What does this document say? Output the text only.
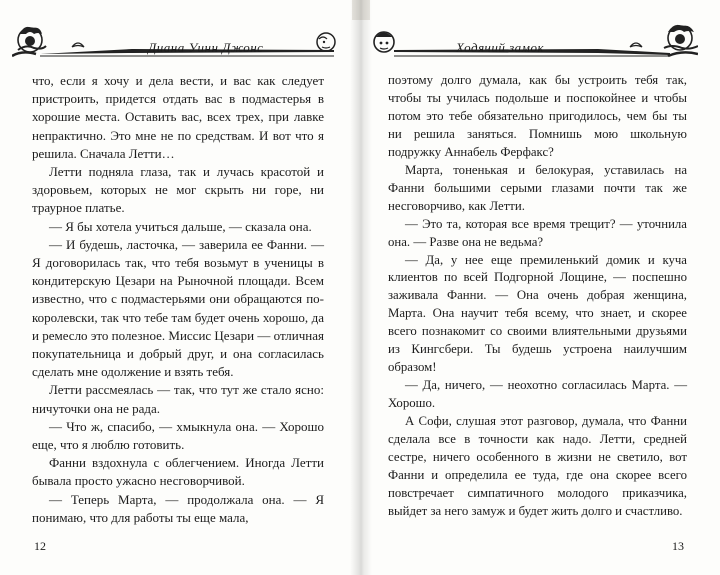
Диана Уинн Джонс

что, если я хочу и дела вести, и вас как следует пристроить, придется отдать вас в подмастерья в хорошие места. Оставить вас, всех трех, при лавке непрактично. Это мне не по средствам. И вот что я решила. Сначала Летти…

Летти подняла глаза, так и лучась красотой и здоровьем, которых не мог скрыть ни горе, ни траурное платье.

— Я бы хотела учиться дальше, — сказала она.

— И будешь, ласточка, — заверила ее Фанни. — Я договорилась так, что тебя возьмут в ученицы в кондитерскую Цезари на Рыночной площади. Всем известно, что с подмастерьями они обращаются по-королевски, так что тебе там будет очень хорошо, да и ремесло это полезное. Миссис Цезари — отличная покупательница и добрый друг, и она согласилась сделать мне одолжение и взять тебя.

Летти рассмеялась — так, что тут же стало ясно: ничуточки она не рада.

— Что ж, спасибо, — хмыкнула она. — Хорошо еще, что я люблю готовить.

Фанни вздохнула с облегчением. Иногда Летти бывала просто ужасно несговорчивой.

— Теперь Марта, — продолжала она. — Я понимаю, что для работы ты еще мала,

12
Ходячий замок

поэтому долго думала, как бы устроить тебя так, чтобы ты училась подольше и поспокойнее и чтобы потом это тебе обязательно пригодилось, чем бы ты ни решила заняться. Помнишь мою школьную подружку Аннабель Ферфакс?

Марта, тоненькая и белокурая, уставилась на Фанни большими серыми глазами почти так же несговорчиво, как Летти.

— Это та, которая все время трещит? — уточнила она. — Разве она не ведьма?

— Да, у нее еще премиленький домик и куча клиентов по всей Подгорной Лощине, — поспешно заживала Фанни. — Она очень добрая женщина, Марта. Она научит тебя всему, что знает, и скорее всего познакомит со своими влиятельными друзьями из Кингсбери. Ты будешь устроена наилучшим образом!

— Да, ничего, — неохотно согласилась Марта. — Хорошо.

А Софи, слушая этот разговор, думала, что Фанни сделала все в точности как надо. Летти, средней сестре, ничего особенного в жизни не светило, вот Фанни и определила ее туда, где она скорее всего повстречает симпатичного молодого приказчика, выйдет за него замуж и будет жить долго и счастливо.

13
